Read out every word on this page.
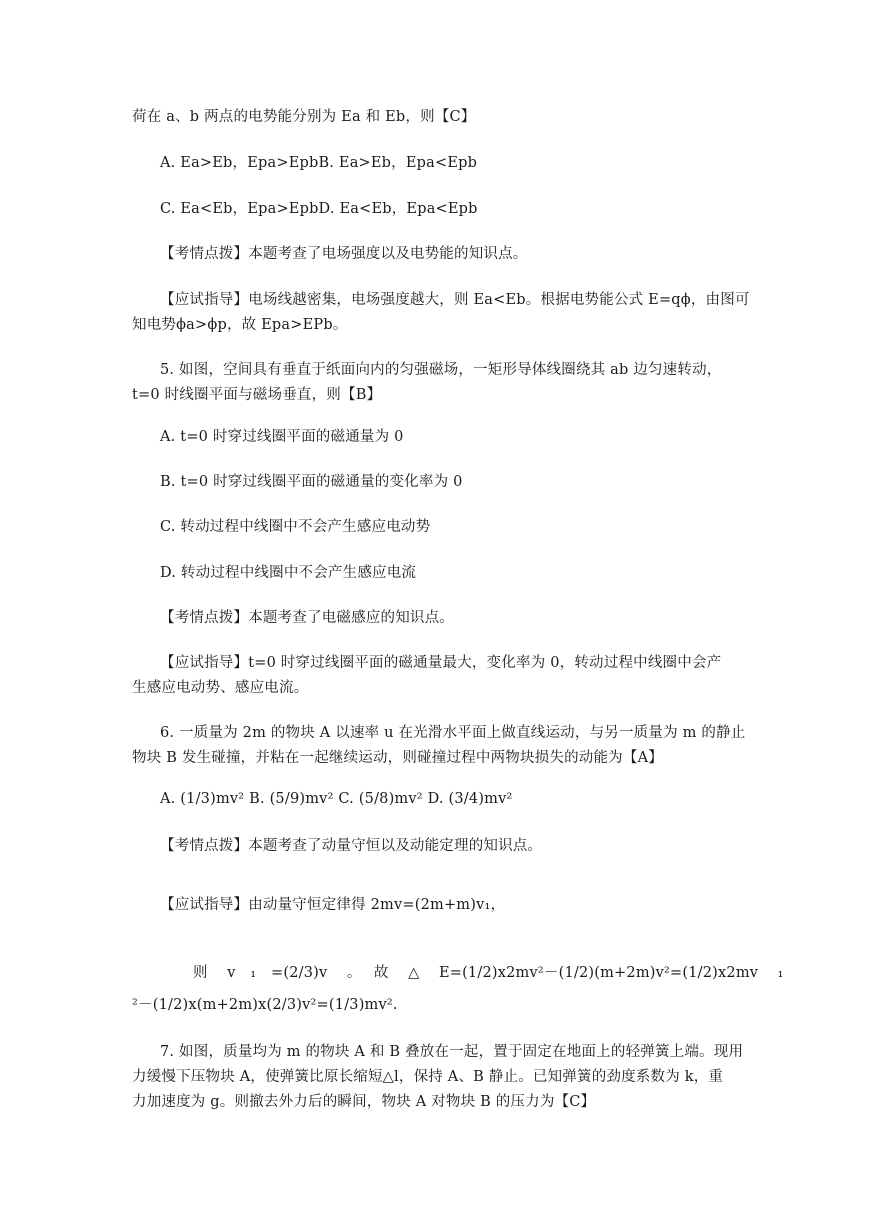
荷在 a、b 两点的电势能分别为 Ea 和 Eb，则【C】
A. Ea>Eb，Epa>EpbB. Ea>Eb，Epa<Epb
C. Ea<Eb，Epa>EpbD. Ea<Eb，Epa<Epb
【考情点拨】本题考查了电场强度以及电势能的知识点。
【应试指导】电场线越密集，电场强度越大，则 Ea<Eb。根据电势能公式 E=qϕ，由图可
知电势ϕa>ϕp，故 Epa>EPb。
5. 如图，空间具有垂直于纸面向内的匀强磁场，一矩形导体线圈绕其 ab 边匀速转动，
t=0 时线圈平面与磁场垂直，则【B】
A. t=0 时穿过线圈平面的磁通量为 0
B. t=0 时穿过线圈平面的磁通量的变化率为 0
C. 转动过程中线圈中不会产生感应电动势
D. 转动过程中线圈中不会产生感应电流
【考情点拨】本题考查了电磁感应的知识点。
【应试指导】t=0 时穿过线圈平面的磁通量最大，变化率为 0，转动过程中线圈中会产
生感应电动势、感应电流。
6. 一质量为 2m 的物块 A 以速率 u 在光滑水平面上做直线运动，与另一质量为 m 的静止
物块 B 发生碰撞，并粘在一起继续运动，则碰撞过程中两物块损失的动能为【A】
A. (1/3)mv² B. (5/9)mv² C. (5/8)mv² D. (3/4)mv²
【考情点拨】本题考查了动量守恒以及动能定理的知识点。
【应试指导】由动量守恒定律得 2mv=(2m+m)v₁，
则　 v　₁　=(2/3)v　 。　 故　 △　 E=(1/2)x2mv²－(1/2)(m+2m)v²=(1/2)x2mv　 ₁
²－(1/2)x(m+2m)x(2/3)v²=(1/3)mv².
7. 如图，质量均为 m 的物块 A 和 B 叠放在一起，置于固定在地面上的轻弹簧上端。现用
力缓慢下压物块 A，使弹簧比原长缩短△l，保持 A、B 静止。已知弹簧的劲度系数为 k，重
力加速度为 g。则撤去外力后的瞬间，物块 A 对物块 B 的压力为【C】
